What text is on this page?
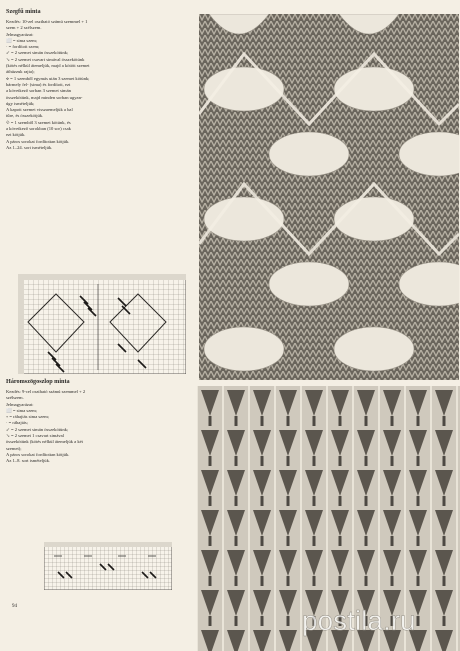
Szegfű minta
Kezdés: 10-zel osztható számú szemmel + 1
szem + 2 szélszem.
Jelmagyarázat:
⬜ = sima szem;
· = fordított szem;
↙ = 2 szemet simán összekötünk;
↘ = 2 szemet csavart simával összekötünk
(kötés nélkül átemeljük, majd a kötött szemet
áthúzzuk rajta);
⟡ = 1 szemből egymás után 3 szemet kötünk;
bármely fel- (sima) és fordított, ezt
a következő sorban 3 szemet simán
összekötünk, majd minden sorban ugyan-
úgy ismételjük;
A kapott szemet visszaemeljük a bal
tűre, és összekötjük.
⟐ = 1 szemből 3 szemet kötünk, és
a következő sorokban (10 sor) csak
ezt kötjük.
A páros sorokat fordítottan kötjük.
Az 1–24. sort ismételjük.
Háromszögoszlop minta
Kezdés: 9-cel osztható számú szemmel + 2
szélszem.
Jelmagyarázat:
⬜ = sima szem;
∘ = ráhajtás sima szem;
· = ráhajtás;
↙ = 2 szemet simán összekötünk;
↘ = 2 szemet 1 csavart simával
összekötünk (kötés nélkül átemeljük a két
szemet);
A páros sorokat fordítottan kötjük.
Az 1–8. sort ismételjük.
94	postila.ru
